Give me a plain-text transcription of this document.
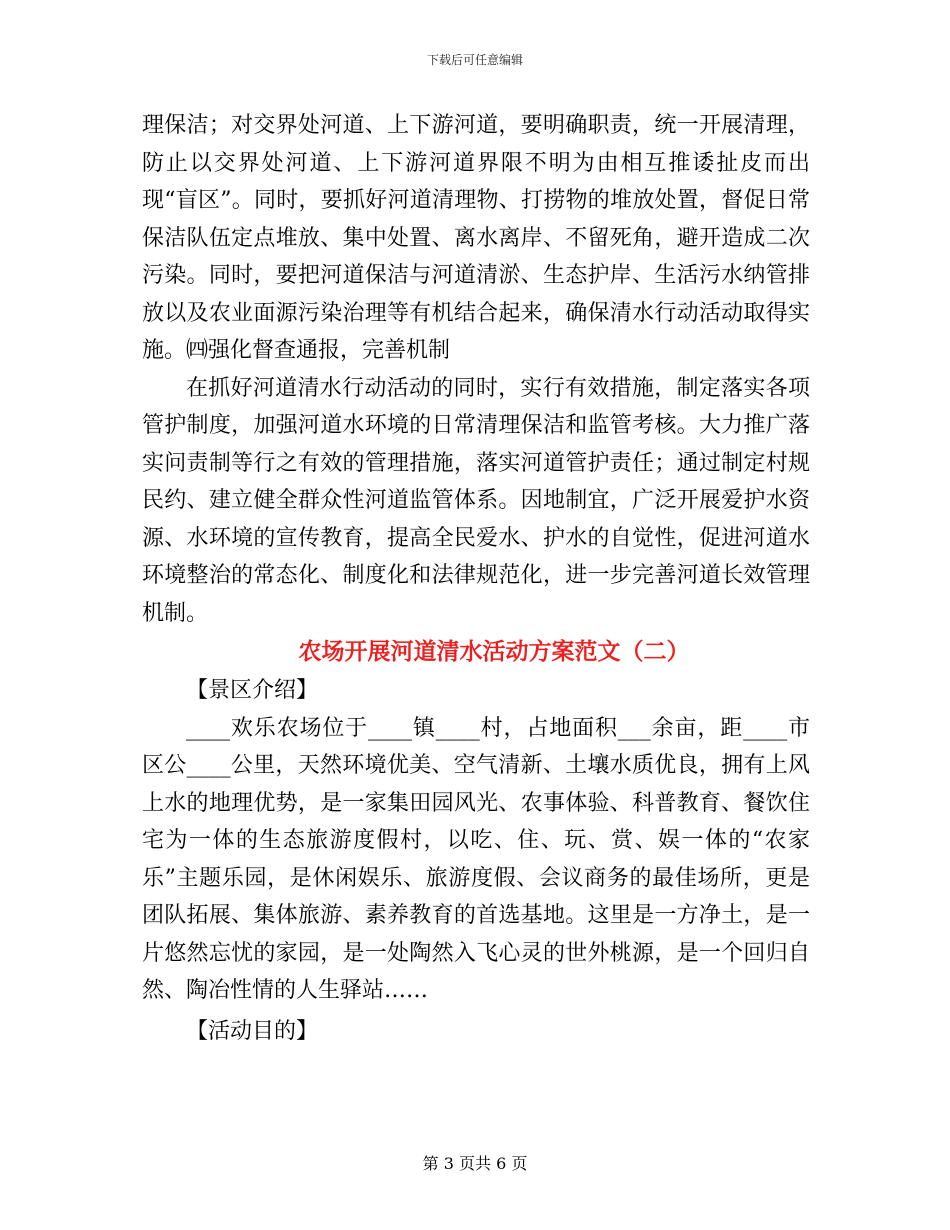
下载后可任意编辑

理保洁；对交界处河道、上下游河道，要明确职责，统一开展清理，防止以交界处河道、上下游河道界限不明为由相互推诿扯皮而出现“盲区”。同时，要抓好河道清理物、打捞物的堆放处置，督促日常保洁队伍定点堆放、集中处置、离水离岸、不留死角，避开造成二次污染。同时，要把河道保洁与河道清淤、生态护岸、生活污水纳管排放以及农业面源污染治理等有机结合起来，确保清水行动活动取得实施。㈣强化督查通报，完善机制

在抓好河道清水行动活动的同时，实行有效措施，制定落实各项管护制度，加强河道水环境的日常清理保洁和监管考核。大力推广落实问责制等行之有效的管理措施，落实河道管护责任；通过制定村规民约、建立健全群众性河道监管体系。因地制宜，广泛开展爱护水资源、水环境的宣传教育，提高全民爱水、护水的自觉性，促进河道水环境整治的常态化、制度化和法律规范化，进一步完善河道长效管理机制。

农场开展河道清水活动方案范文（二）

【景区介绍】

____欢乐农场位于____镇____村，占地面积___余亩，距____市区公____公里，天然环境优美、空气清新、土壤水质优良，拥有上风上水的地理优势，是一家集田园风光、农事体验、科普教育、餐饮住宅为一体的生态旅游度假村，以吃、住、玩、赏、娱一体的“农家乐”主题乐园，是休闲娱乐、旅游度假、会议商务的最佳场所，更是团队拓展、集体旅游、素养教育的首选基地。这里是一方净土，是一片悠然忘忧的家园，是一处陶然入飞心灵的世外桃源，是一个回归自然、陶冶性情的人生驿站……

【活动目的】

第 3 页共 6 页
